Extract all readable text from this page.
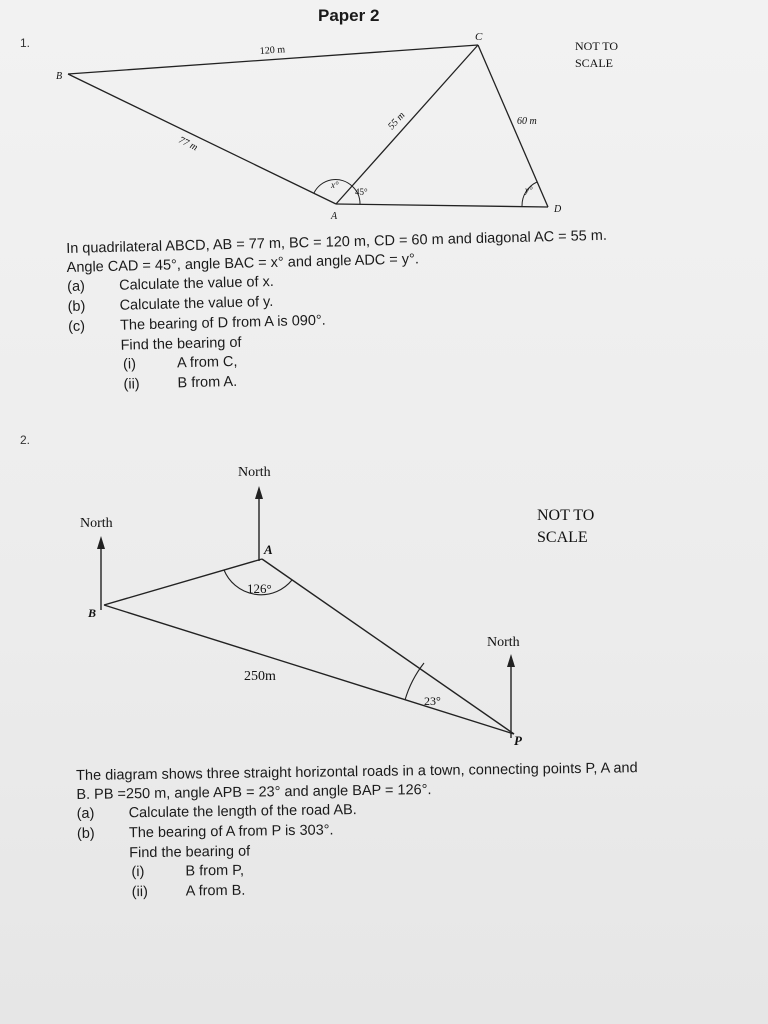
Paper 2
1.
B
C
A
D
120 m
77 m
55 m	60 m
x°
45°	y°
NOT TO
SCALE

In quadrilateral ABCD, AB = 77 m, BC = 120 m, CD = 60 m and diagonal AC = 55 m.

Angle CAD = 45°, angle BAC = x° and angle ADC = y°.

(a) Calculate the value of x.
(b) Calculate the value of y.
(c) The bearing of D from A is 090°.

Find the bearing of

(i)	A from C,
(ii)	B from A.
2.
North
North
North
A
B
P
126°
23°
250m
NOT TO
SCALE

The diagram shows three straight horizontal roads in a town, connecting points P, A and

B. PB =250 m, angle APB = 23° and angle BAP = 126°.

(a) Calculate the length of the road AB.
(b) The bearing of A from P is 303°.

Find the bearing of

(i)	B from P,
(ii)	A from B.
